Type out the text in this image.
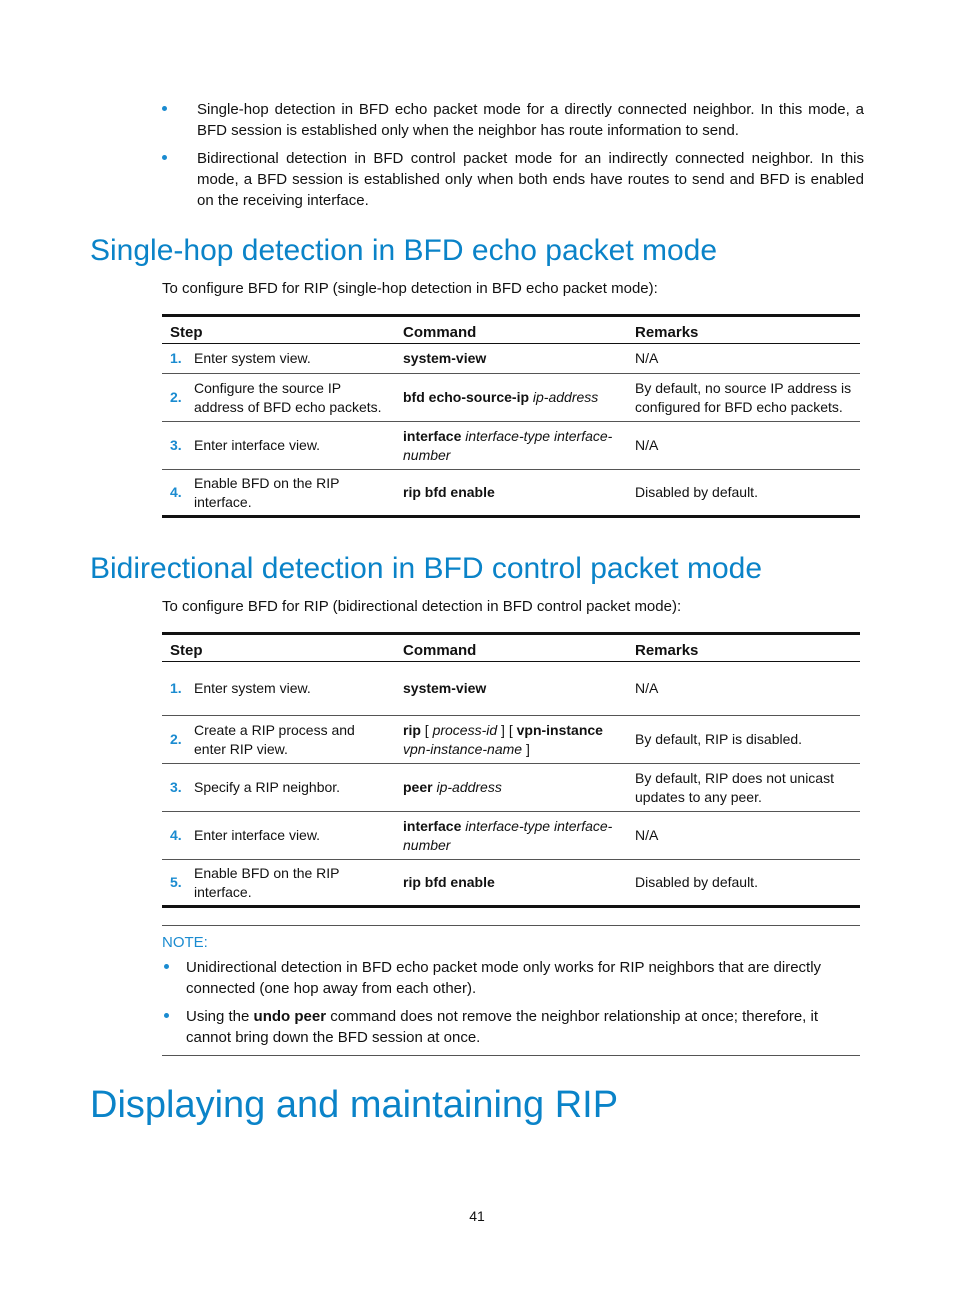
Single-hop detection in BFD echo packet mode for a directly connected neighbor. In this mode, a BFD session is established only when the neighbor has route information to send.
Bidirectional detection in BFD control packet mode for an indirectly connected neighbor. In this mode, a BFD session is established only when both ends have routes to send and BFD is enabled on the receiving interface.
Single-hop detection in BFD echo packet mode

To configure BFD for RIP (single-hop detection in BFD echo packet mode):

Step		Command	Remarks
1.	Enter system view.	system-view	N/A
2.	Configure the source IP address of BFD echo packets.	bfd echo-source-ip ip-address	By default, no source IP address is configured for BFD echo packets.
3.	Enter interface view.	interface interface-type interface-number	N/A
4.	Enable BFD on the RIP interface.	rip bfd enable	Disabled by default.
Bidirectional detection in BFD control packet mode

To configure BFD for RIP (bidirectional detection in BFD control packet mode):

Step		Command	Remarks
1.	Enter system view.	system-view	N/A
2.	Create a RIP process and enter RIP view.	rip [ process-id ] [ vpn-instance vpn-instance-name ]	By default, RIP is disabled.
3.	Specify a RIP neighbor.	peer ip-address	By default, RIP does not unicast updates to any peer.
4.	Enter interface view.	interface interface-type interface-number	N/A
5.	Enable BFD on the RIP interface.	rip bfd enable	Disabled by default.
NOTE:
Unidirectional detection in BFD echo packet mode only works for RIP neighbors that are directly connected (one hop away from each other).
Using the undo peer command does not remove the neighbor relationship at once; therefore, it cannot bring down the BFD session at once.
Displaying and maintaining RIP
41
